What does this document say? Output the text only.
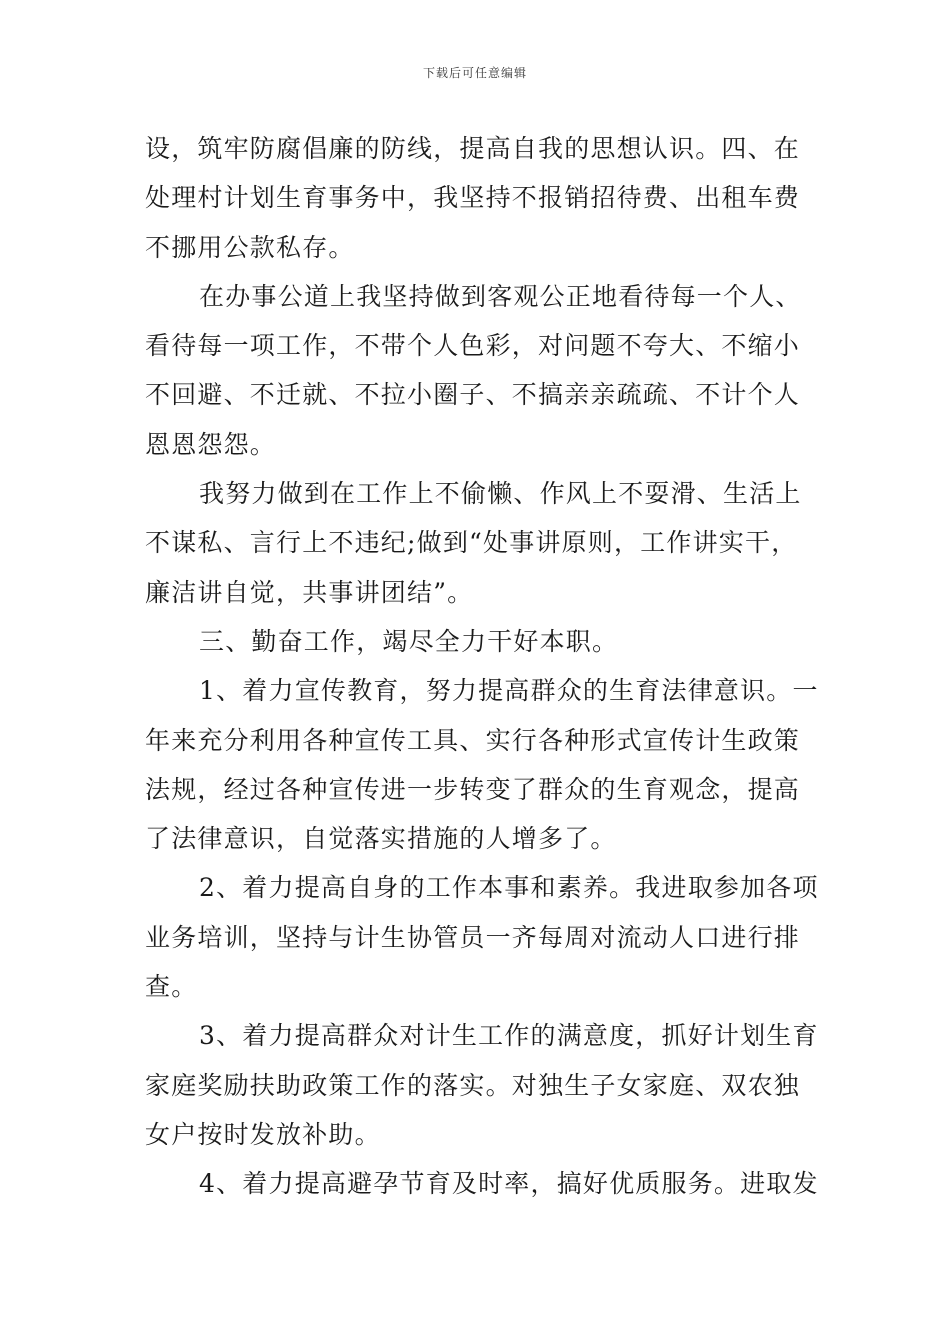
下载后可任意编辑
设，筑牢防腐倡廉的防线，提高自我的思想认识。四、在
处理村计划生育事务中，我坚持不报销招待费、出租车费
不挪用公款私存。
在办事公道上我坚持做到客观公正地看待每一个人、
看待每一项工作，不带个人色彩，对问题不夸大、不缩小
不回避、不迁就、不拉小圈子、不搞亲亲疏疏、不计个人
恩恩怨怨。
我努力做到在工作上不偷懒、作风上不耍滑、生活上
不谋私、言行上不违纪;做到“处事讲原则，工作讲实干，
廉洁讲自觉，共事讲团结”。
三、勤奋工作，竭尽全力干好本职。
1、着力宣传教育，努力提高群众的生育法律意识。一
年来充分利用各种宣传工具、实行各种形式宣传计生政策
法规，经过各种宣传进一步转变了群众的生育观念，提高
了法律意识，自觉落实措施的人增多了。
2、着力提高自身的工作本事和素养。我进取参加各项
业务培训，坚持与计生协管员一齐每周对流动人口进行排
查。
3、着力提高群众对计生工作的满意度，抓好计划生育
家庭奖励扶助政策工作的落实。对独生子女家庭、双农独
女户按时发放补助。
4、着力提高避孕节育及时率，搞好优质服务。进取发
